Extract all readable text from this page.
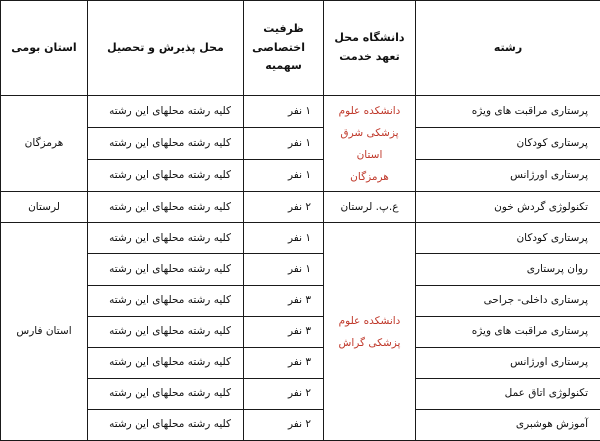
رشته	دانشگاه محل تعهد خدمت	ظرفیت اختصاصی سهمیه	محل پذیرش و تحصیل	استان بومی
پرستاری مراقبت های ویژه	دانشکده علوم پزشکی شرق استان هرمزگان	۱ نفر	کلیه رشته محلهای این رشته	هرمزگان
پرستاری کودکان		۱ نفر	کلیه رشته محلهای این رشته	
پرستاری اورژانس		۱ نفر	کلیه رشته محلهای این رشته	
تکنولوژی گردش خون	ع.پ. لرستان	۲ نفر	کلیه رشته محلهای این رشته	لرستان
پرستاری کودکان	دانشکده علوم پزشکی گراش	۱ نفر	کلیه رشته محلهای این رشته	استان فارس
روان پرستاری		۱ نفر	کلیه رشته محلهای این رشته	
پرستاری داخلی- جراحی		۳ نفر	کلیه رشته محلهای این رشته	
پرستاری مراقبت های ویژه		۳ نفر	کلیه رشته محلهای این رشته	
پرستاری اورژانس		۳ نفر	کلیه رشته محلهای این رشته	
تکنولوژی اتاق عمل		۲ نفر	کلیه رشته محلهای این رشته	
آموزش هوشبری		۲ نفر	کلیه رشته محلهای این رشته	
